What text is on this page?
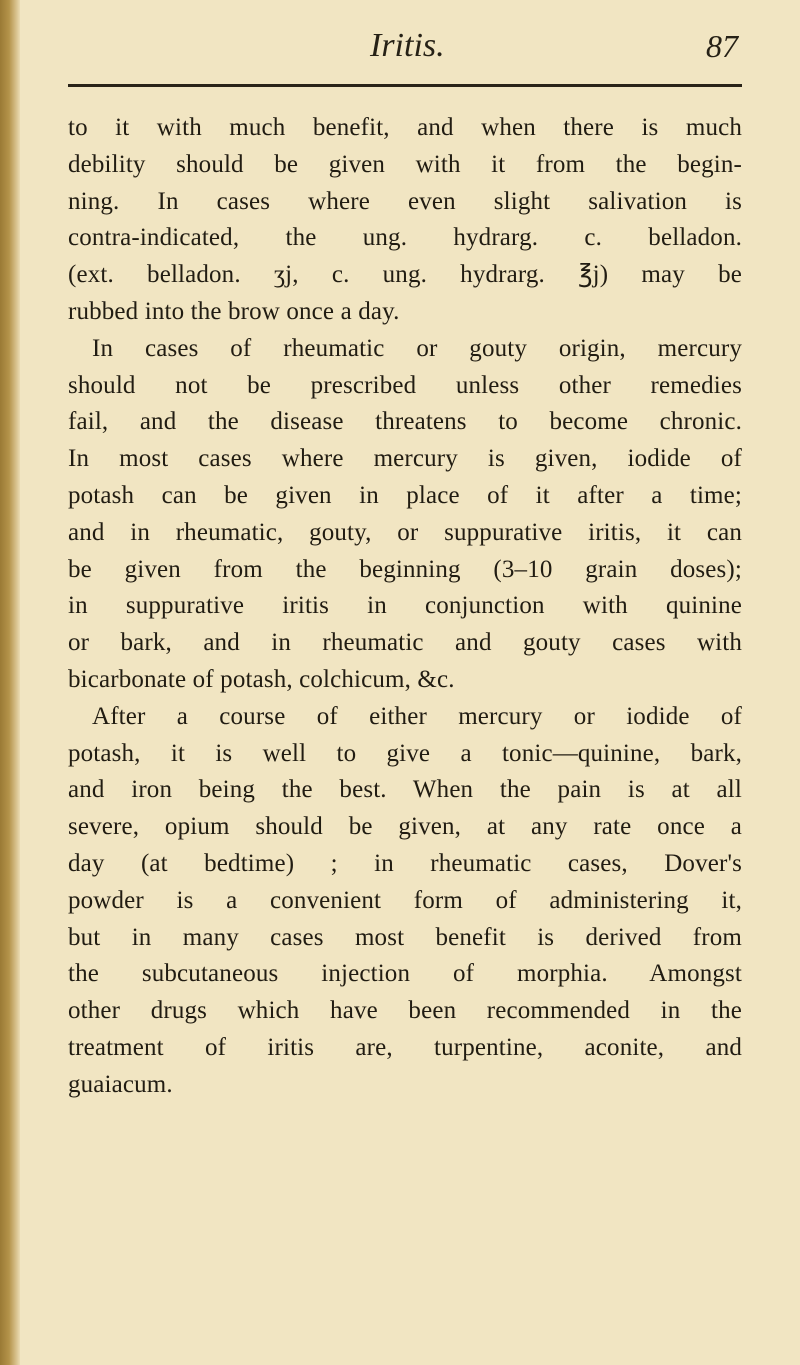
Iritis.	87
to it with much benefit, and when there is much
debility should be given with it from the begin-
ning. In cases where even slight salivation is
contra-indicated, the ung. hydrarg. c. belladon.
(ext. belladon. ʒj, c. ung. hydrarg. ℥j) may be
rubbed into the brow once a day.
In cases of rheumatic or gouty origin, mercury
should not be prescribed unless other remedies
fail, and the disease threatens to become chronic.
In most cases where mercury is given, iodide of
potash can be given in place of it after a time;
and in rheumatic, gouty, or suppurative iritis, it can
be given from the beginning (3–10 grain doses);
in suppurative iritis in conjunction with quinine
or bark, and in rheumatic and gouty cases with
bicarbonate of potash, colchicum, &c.
After a course of either mercury or iodide of
potash, it is well to give a tonic—quinine, bark,
and iron being the best. When the pain is at all
severe, opium should be given, at any rate once a
day (at bedtime) ; in rheumatic cases, Dover's
powder is a convenient form of administering it,
but in many cases most benefit is derived from
the subcutaneous injection of morphia. Amongst
other drugs which have been recommended in the
treatment of iritis are, turpentine, aconite, and
guaiacum.
